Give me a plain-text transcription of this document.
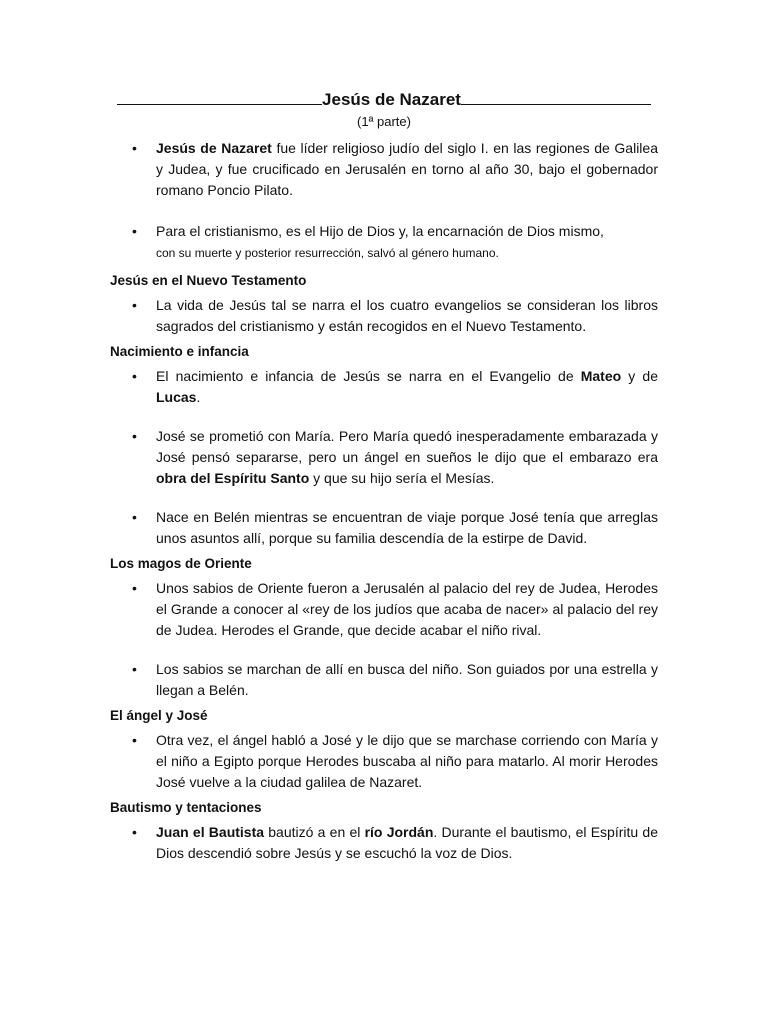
Jesús de Nazaret
(1ª parte)
• Jesús de Nazaret fue líder religioso judío del siglo I. en las regiones de Galilea y Judea, y fue crucificado en Jerusalén en torno al año 30, bajo el gobernador romano Poncio Pilato.
• Para el cristianismo, es el Hijo de Dios y, la encarnación de Dios mismo,
con su muerte y posterior resurrección, salvó al género humano.

Jesús en el Nuevo Testamento

• La vida de Jesús tal se narra el los cuatro evangelios se consideran los libros sagrados del cristianismo y están recogidos en el Nuevo Testamento.

Nacimiento e infancia

• El nacimiento e infancia de Jesús se narra en el Evangelio de Mateo y de Lucas.
• José se prometió con María. Pero María quedó inesperadamente embarazada y José pensó separarse, pero un ángel en sueños le dijo que el embarazo era obra del Espíritu Santo y que su hijo sería el Mesías.
• Nace en Belén mientras se encuentran de viaje porque José tenía que arreglas unos asuntos allí, porque su familia descendía de la estirpe de David.

Los magos de Oriente

• Unos sabios de Oriente fueron a Jerusalén al palacio del rey de Judea, Herodes el Grande a conocer al «rey de los judíos que acaba de nacer» al palacio del rey de Judea. Herodes el Grande, que decide acabar el niño rival.
• Los sabios se marchan de allí en busca del niño. Son guiados por una estrella y llegan a Belén.

El ángel y José

• Otra vez, el ángel habló a José y le dijo que se marchase corriendo con María y el niño a Egipto porque Herodes buscaba al niño para matarlo. Al morir Herodes José vuelve a la ciudad galilea de Nazaret.

Bautismo y tentaciones

• Juan el Bautista bautizó a en el río Jordán. Durante el bautismo, el Espíritu de Dios descendió sobre Jesús y se escuchó la voz de Dios.
